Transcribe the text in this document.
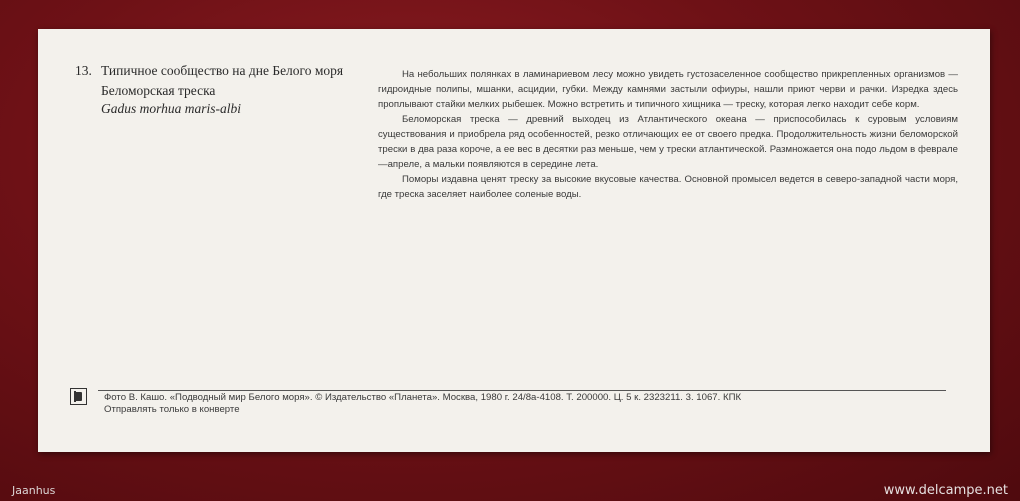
13. Типичное сообщество на дне Белого моря
Беломорская треска
Gadus morhua maris-albi

На небольших полянках в ламинариевом лесу можно увидеть густозаселенное сообщество прикрепленных организмов — гидроидные полипы, мшанки, асцидии, губки. Между камнями застыли офиуры, нашли приют черви и рачки. Изредка здесь проплывают стайки мелких рыбешек. Можно встретить и типичного хищника — треску, которая легко находит себе корм.

Беломорская треска — древний выходец из Атлантического океана — приспособилась к суровым условиям существования и приобрела ряд особенностей, резко отличающих ее от своего предка. Продолжительность жизни беломорской трески в два раза короче, а ее вес в десятки раз меньше, чем у трески атлантической. Размножается она подо льдом в феврале—апреле, а мальки появляются в середине лета.

Поморы издавна ценят треску за высокие вкусовые качества. Основной промысел ведется в северо-западной части моря, где треска заселяет наиболее соленые воды.

Фото В. Кашо. «Подводный мир Белого моря». © Издательство «Планета». Москва, 1980 г. 24/8а-4108. Т. 200000. Ц. 5 к. 2323211. 3. 1067. КПК
Отправлять только в конверте
Jaanhus	www.delcampe.net
